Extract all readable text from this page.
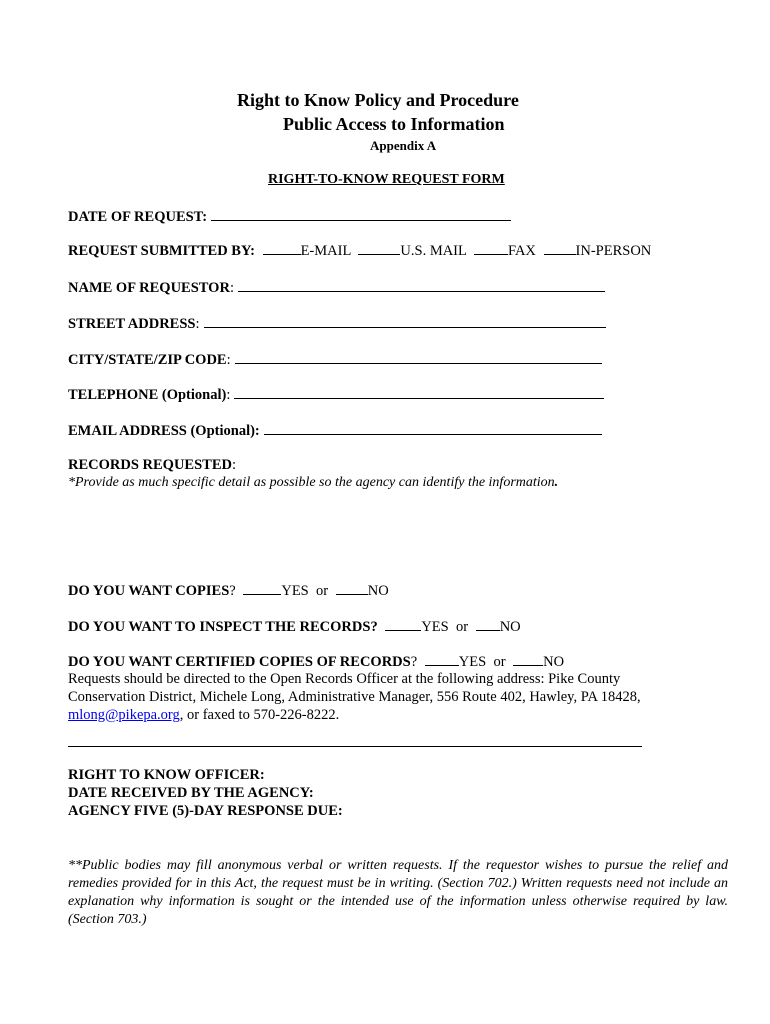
Right to Know Policy and Procedure
Public Access to Information
Appendix A
RIGHT-TO-KNOW REQUEST FORM
DATE OF REQUEST:
REQUEST SUBMITTED BY:	E-MAIL	U.S. MAIL	FAX	IN-PERSON
NAME OF REQUESTOR :
STREET ADDRESS :
CITY/STATE/ZIP CODE :
TELEPHONE (Optional) :
EMAIL ADDRESS (Optional):
RECORDS REQUESTED:
*Provide as much specific detail as possible so the agency can identify the information.
DO YOU WANT COPIES?	YES or	NO
DO YOU WANT TO INSPECT THE RECORDS?	YES or NO
DO YOU WANT CERTIFIED COPIES OF RECORDS?	YES or	NO
Requests should be directed to the Open Records Officer at the following address: Pike County
Conservation District, Michele Long, Administrative Manager, 556 Route 402, Hawley, PA 18428,
mlong@pikepa.org, or faxed to 570-226-8222.
RIGHT TO KNOW OFFICER:
DATE RECEIVED BY THE AGENCY:
AGENCY FIVE (5)-DAY RESPONSE DUE:
**Public bodies may fill anonymous verbal or written requests. If the requestor wishes to pursue the relief and remedies provided for in this Act, the request must be in writing. (Section 702.) Written requests need not include an explanation why information is sought or the intended use of the information unless otherwise required by law. (Section 703.)
